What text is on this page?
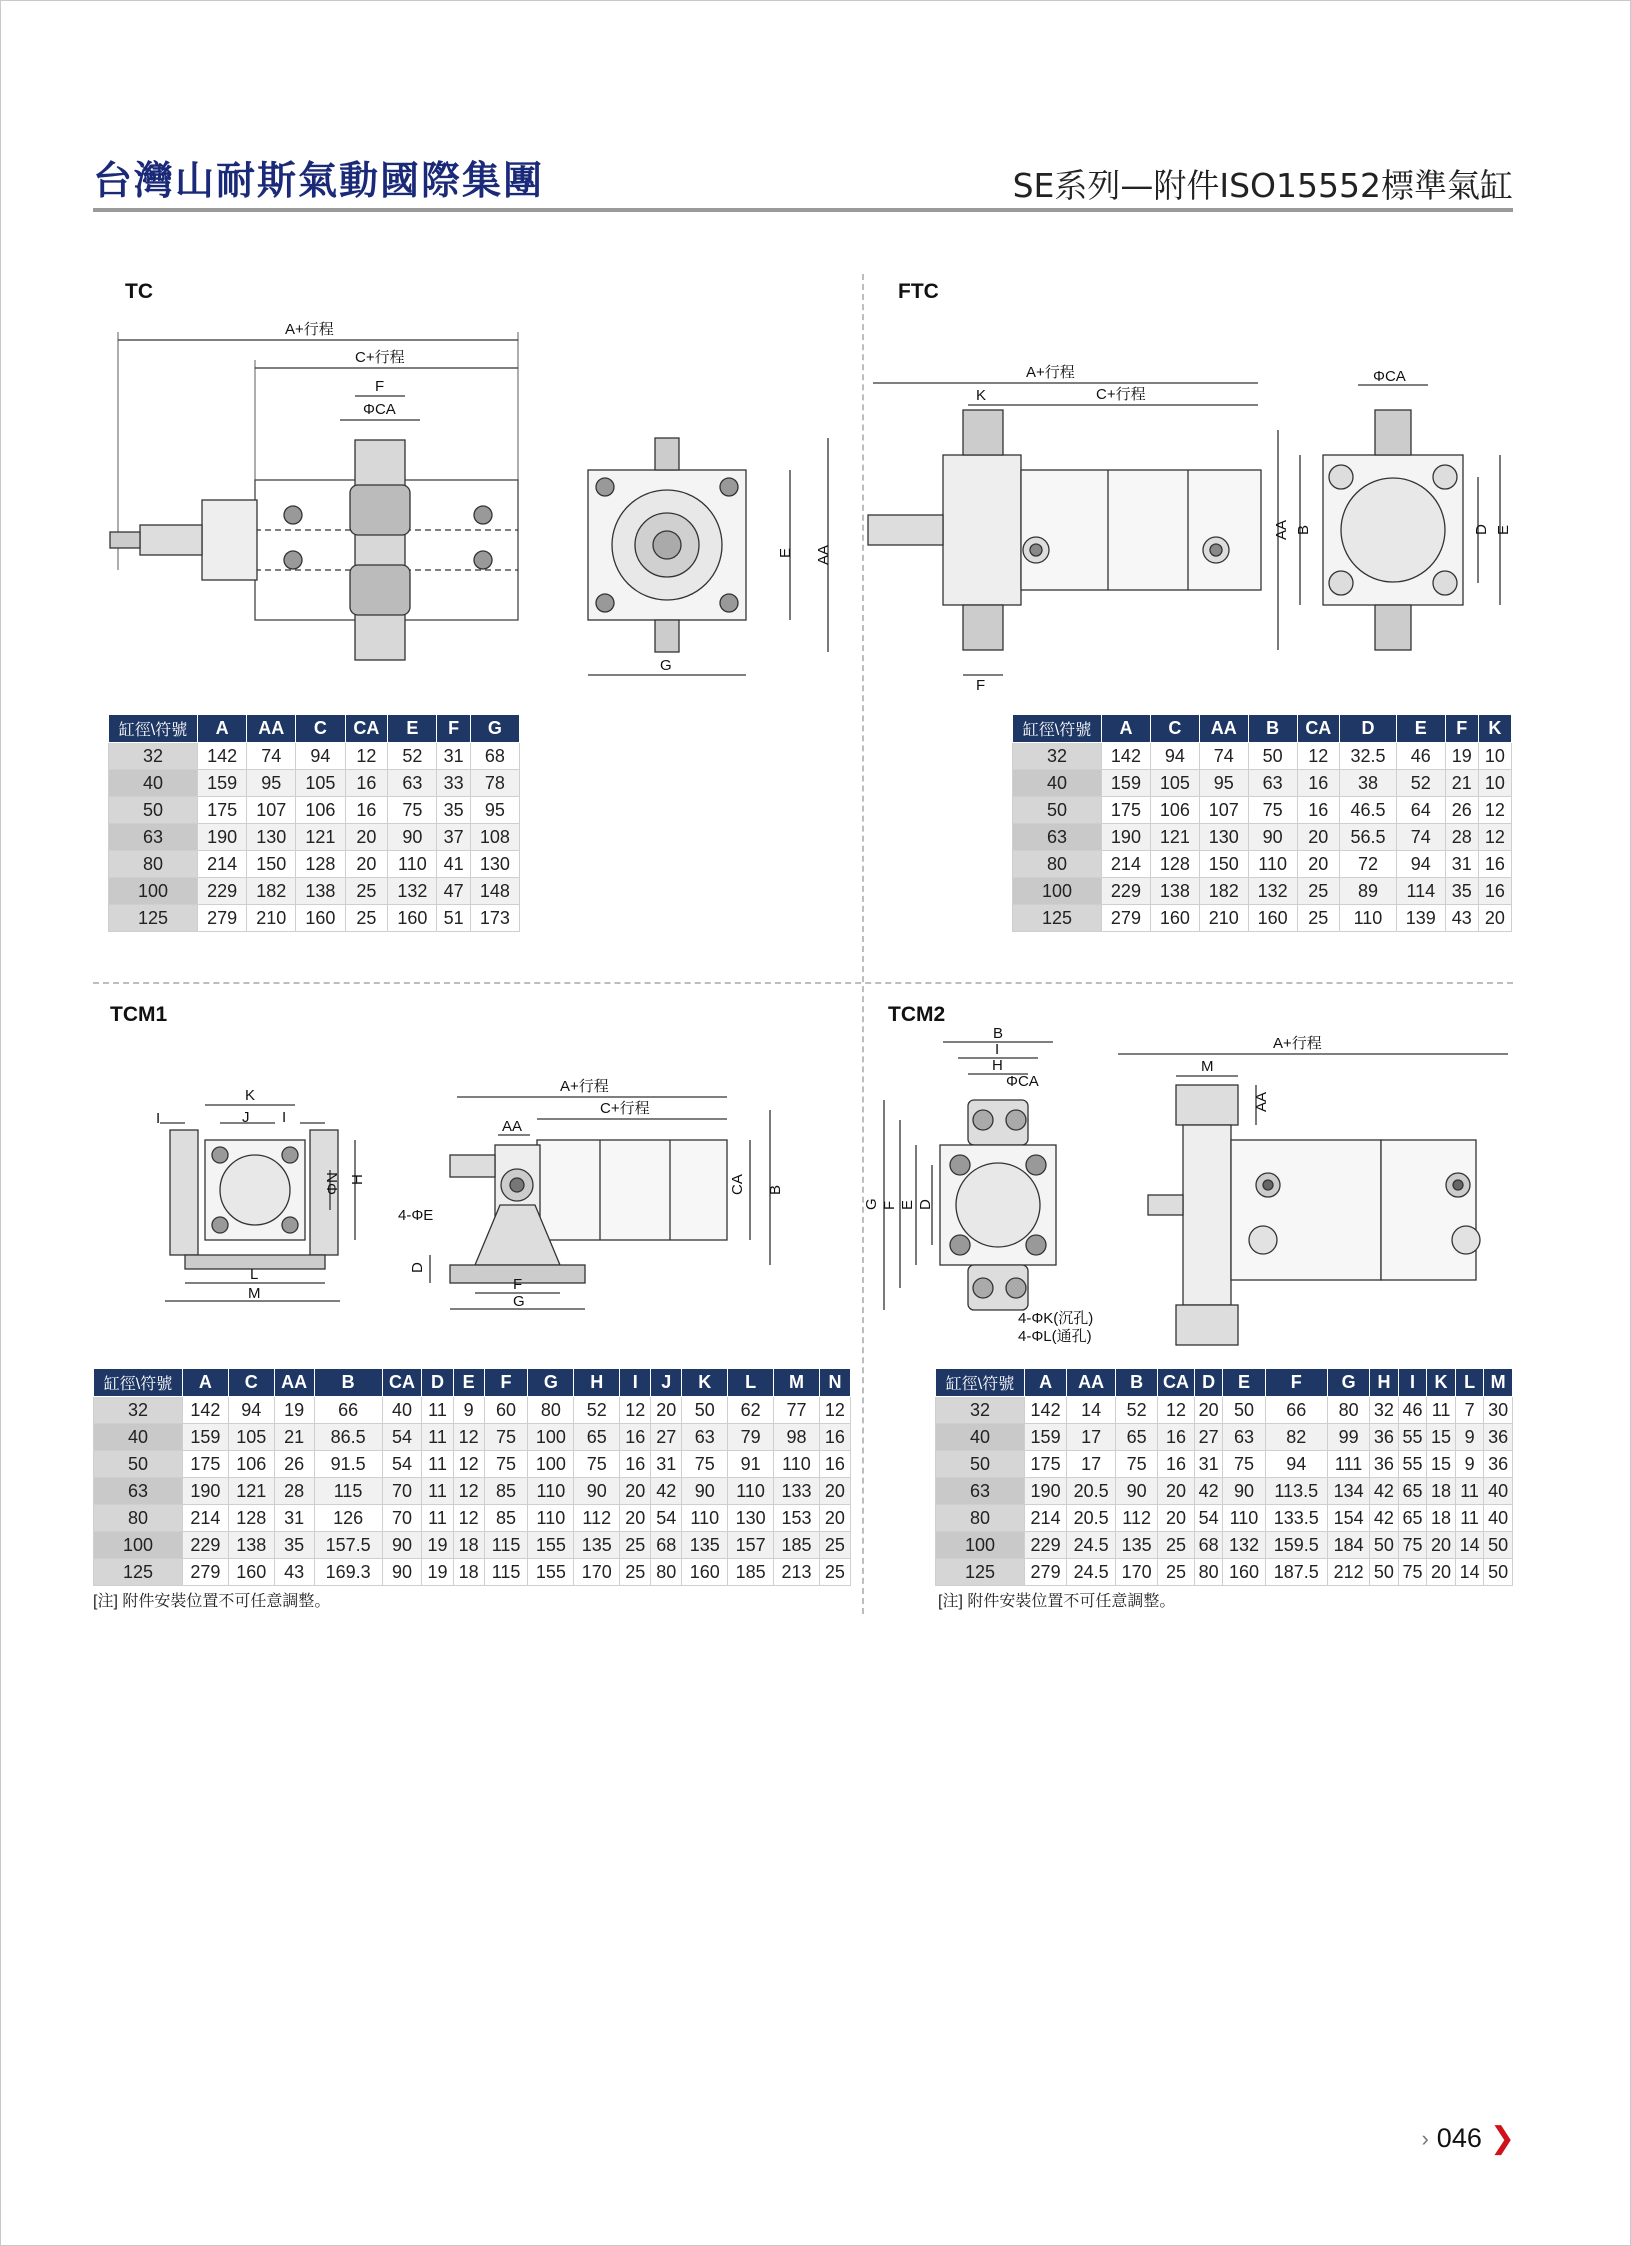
台灣山耐斯氣動國際集團	SE系列—附件ISO15552標準氣缸
TC
A+行程
C+行程
F
ΦCA
G
E AA
缸徑\符號	A	AA	C	CA	E	F	G
32	142	74	94	12	52	31	68
40	159	95	105	16	63	33	78
50	175	107	106	16	75	35	95
63	190	130	121	20	90	37	108
80	214	150	128	20	110	41	130
100	229	182	138	25	132	47	148
125	279	210	160	25	160	51	173
FTC
A+行程
C+行程
K
F
AA B
ΦCA
D E
缸徑\符號	A	C	AA	B	CA	D	E	F	K
32	142	94	74	50	12	32.5	46	19	10
40	159	105	95	63	16	38	52	21	10
50	175	106	107	75	16	46.5	64	26	12
63	190	121	130	90	20	56.5	74	28	12
80	214	128	150	110	20	72	94	31	16
100	229	138	182	132	25	89	114	35	16
125	279	160	210	160	25	110	139	43	20
TCM1
K
I	J I
L
M
H
ΦN
A+行程
C+行程
AA
F
G
4-ΦE
D
CA B
缸徑\符號	A	C	AA	B	CA	D	E	F	G	H	I	J	K	L	M	N
32	142	94	19	66	40	11	9	60	80	52	12	20	50	62	77	12
40	159	105	21	86.5	54	11	12	75	100	65	16	27	63	79	98	16
50	175	106	26	91.5	54	11	12	75	100	75	16	31	75	91	110	16
63	190	121	28	115	70	11	12	85	110	90	20	42	90	110	133	20
80	214	128	31	126	70	11	12	85	110	112	20	54	110	130	153	20
100	229	138	35	157.5	90	19	18	115	155	135	25	68	135	157	185	25
125	279	160	43	169.3	90	19	18	115	155	170	25	80	160	185	213	25
[注] 附件安裝位置不可任意調整。
TCM2
B
I
H
ΦCA
4-ΦK(沉孔)
4-ΦL(通孔)
G F E D
A+行程
M
AA
缸徑\符號	A	AA	B	CA	D	E	F	G	H	I	K	L	M
32	142	14	52	12	20	50	66	80	32	46	11	7	30
40	159	17	65	16	27	63	82	99	36	55	15	9	36
50	175	17	75	16	31	75	94	111	36	55	15	9	36
63	190	20.5	90	20	42	90	113.5	134	42	65	18	11	40
80	214	20.5	112	20	54	110	133.5	154	42	65	18	11	40
100	229	24.5	135	25	68	132	159.5	184	50	75	20	14	50
125	279	24.5	170	25	80	160	187.5	212	50	75	20	14	50
[注] 附件安裝位置不可任意調整。
› 046 ❯
